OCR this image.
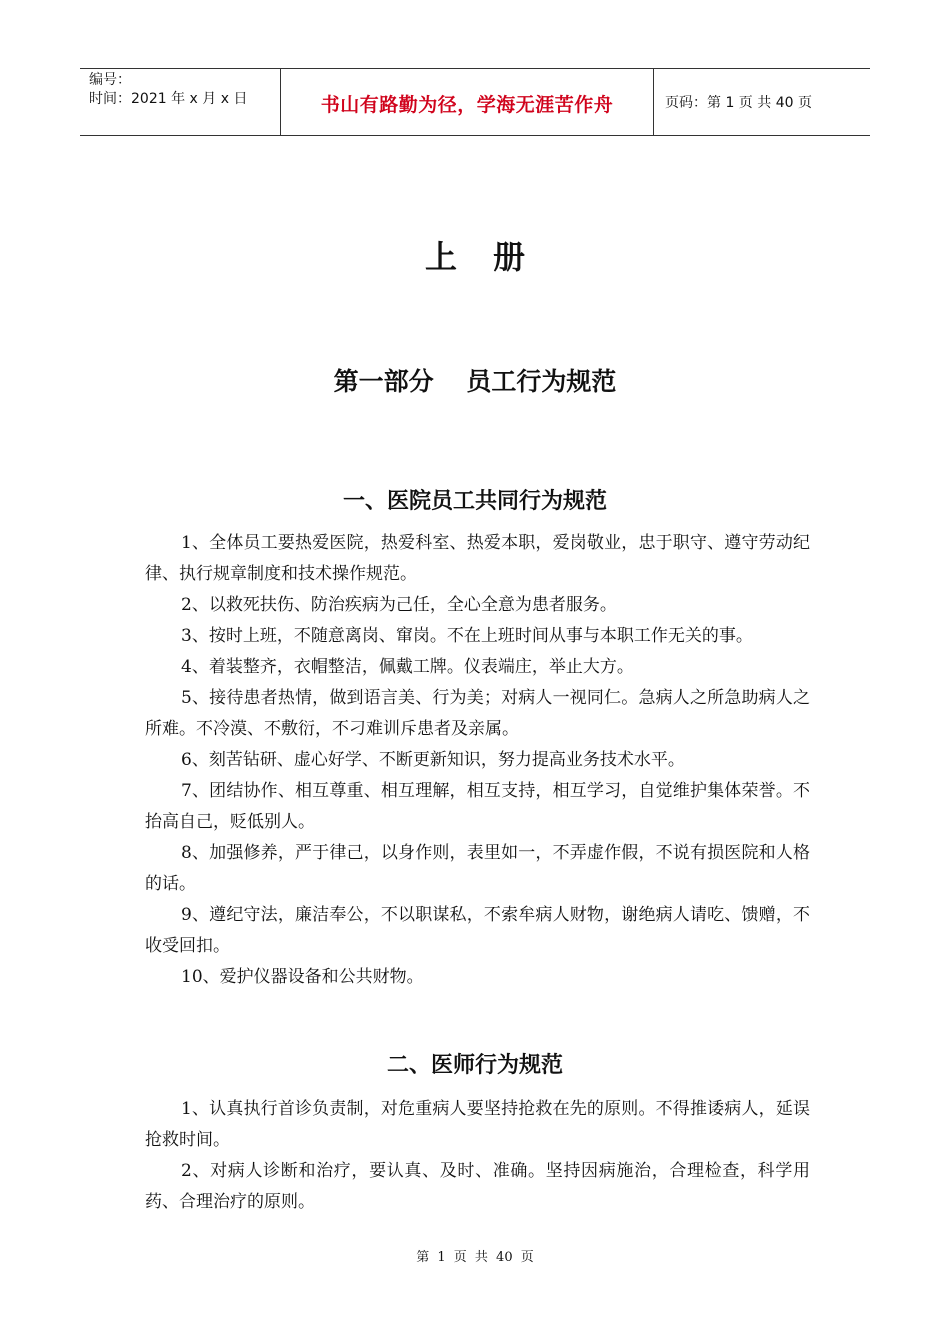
编号：
时间：2021 年 x 月 x 日	书山有路勤为径，学海无涯苦作舟	页码：第 1 页 共 40 页
上册
第一部分 员工行为规范
一、医院员工共同行为规范

1、全体员工要热爱医院，热爱科室、热爱本职，爱岗敬业，忠于职守、遵守劳动纪律、执行规章制度和技术操作规范。

2、以救死扶伤、防治疾病为己任，全心全意为患者服务。

3、按时上班，不随意离岗、窜岗。不在上班时间从事与本职工作无关的事。

4、着装整齐，衣帽整洁，佩戴工牌。仪表端庄，举止大方。

5、接待患者热情，做到语言美、行为美；对病人一视同仁。急病人之所急助病人之所难。不冷漠、不敷衍，不刁难训斥患者及亲属。

6、刻苦钻研、虚心好学、不断更新知识，努力提高业务技术水平。

7、团结协作、相互尊重、相互理解，相互支持，相互学习，自觉维护集体荣誉。不抬高自己，贬低别人。

8、加强修养，严于律己，以身作则，表里如一，不弄虚作假，不说有损医院和人格的话。

9、遵纪守法，廉洁奉公，不以职谋私，不索牟病人财物，谢绝病人请吃、馈赠，不收受回扣。

10、爱护仪器设备和公共财物。

二、医师行为规范

1、认真执行首诊负责制，对危重病人要坚持抢救在先的原则。不得推诿病人，延误抢救时间。

2、对病人诊断和治疗，要认真、及时、准确。坚持因病施治，合理检查，科学用药、合理治疗的原则。

第 1 页 共 40 页
